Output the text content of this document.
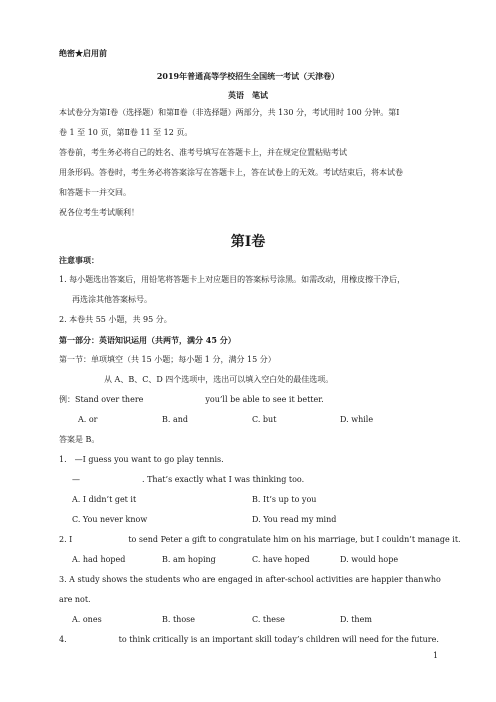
绝密★启用前
2019年普通高等学校招生全国统一考试（天津卷）
英语　笔试
本试卷分为第Ⅰ卷（选择题）和第Ⅱ卷（非选择题）两部分，共 130 分，考试用时 100 分钟。第Ⅰ
卷 1 至 10 页，第Ⅱ卷 11 至 12 页。
答卷前，考生务必将自己的姓名、准考号填写在答题卡上，并在规定位置粘贴考试
用条形码。答卷时，考生务必将答案涂写在答题卡上，答在试卷上的无效。考试结束后，将本试卷
和答题卡一并交回。
祝各位考生考试顺利！
第Ⅰ卷
注意事项：
1. 每小题选出答案后，用铅笔将答题卡上对应题目的答案标号涂黑。如需改动，用橡皮擦干净后，
再选涂其他答案标号。
2. 本卷共 55 小题，共 95 分。
第一部分：英语知识运用（共两节，满分 45 分）
第一节：单项填空（共 15 小题；每小题 1 分，满分 15 分）
从 A、B、C、D 四个选项中，选出可以填入空白处的最佳选项。
例：Stand over there	you’ll be able to see it better.
A. or	B. and	C. but	D. while
答案是 B。
1.　—I guess you want to go play tennis.
—	. That’s exactly what I was thinking too.
A. I didn’t get it	B. It’s up to you
C. You never know	D. You read my mind
2. I	to send Peter a gift to congratulate him on his marriage, but I couldn’t manage it.
A. had hoped	B. am hoping	C. have hoped	D. would hope
3. A study shows the students who are engaged in after-school activities are happier than who
are not.
A. ones	B. those	C. these	D. them
4.	to think critically is an important skill today’s children will need for the future.
1
